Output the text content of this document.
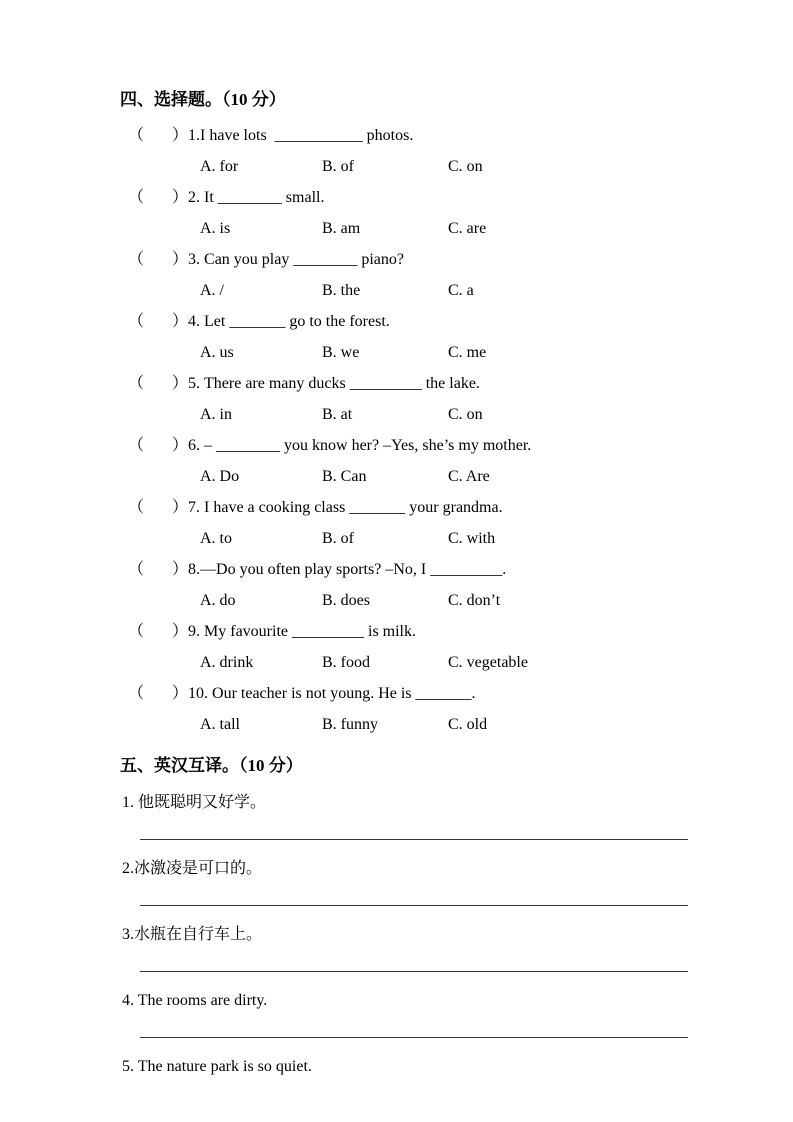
四、选择题。（10 分）
（       ）1.I have lots  ___________ photos.
A. for	B. of	C. on
（       ）2. It ________ small.
A. is	B. am	C. are
（       ）3. Can you play ________ piano?
A. /	B. the	C. a
（       ）4. Let _______ go to the forest.
A. us	B. we	C. me
（       ）5. There are many ducks _________ the lake.
A. in	B. at	C. on
（       ）6. – ________ you know her? –Yes, she’s my mother.
A. Do	B. Can	C. Are
（       ）7. I have a cooking class _______ your grandma.
A. to	B. of	C. with
（       ）8.—Do you often play sports? –No, I _________.
A. do	B. does	C. don’t
（       ）9. My favourite _________ is milk.
A. drink	B. food	C. vegetable
（       ）10. Our teacher is not young. He is _______.
A. tall	B. funny	C. old
五、英汉互译。（10 分）
1. 他既聪明又好学。
2.冰激凌是可口的。
3.水瓶在自行车上。
4. The rooms are dirty.
5. The nature park is so quiet.
